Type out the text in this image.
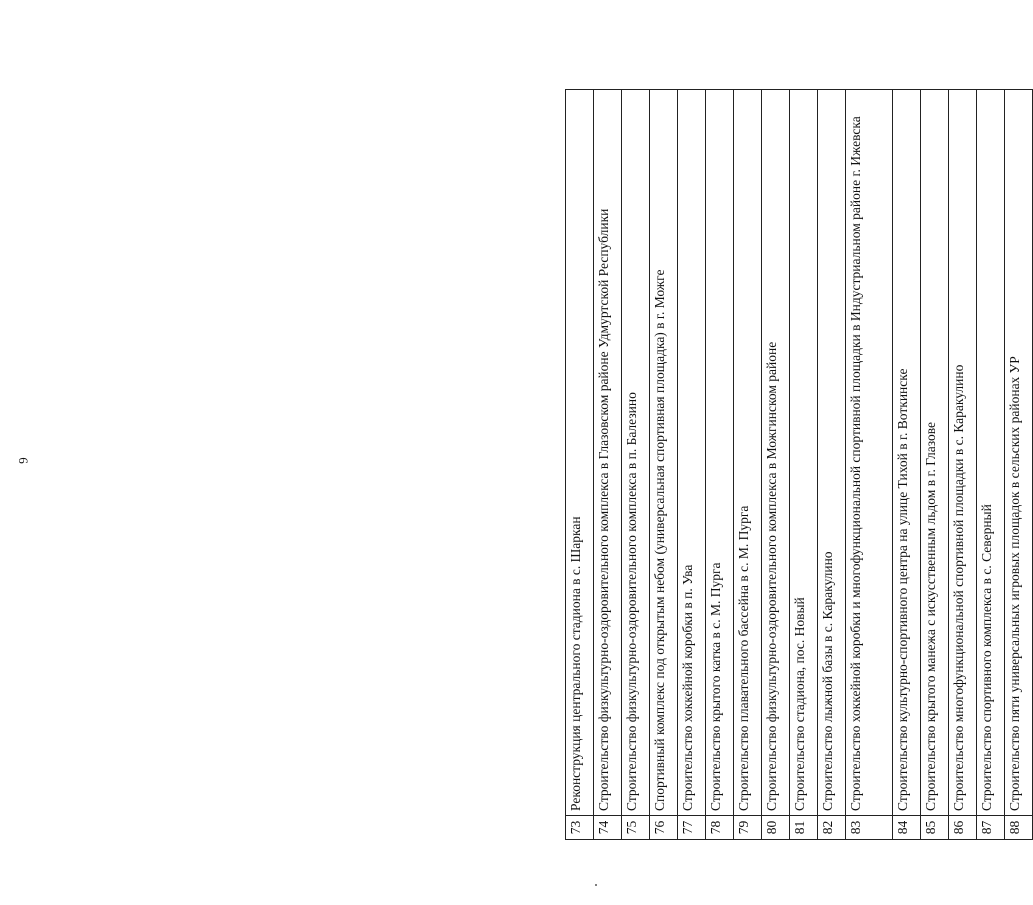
6
73	Реконструкция центрального стадиона в с. Шаркан
74	Строительство физкультурно-оздоровительного комплекса в Глазовском районе Удмуртской Республики
75	Строительство физкультурно-оздоровительного комплекса в п. Балезино
76	Спортивный комплекс под открытым небом (универсальная спортивная площадка) в г. Можге
77	Строительство хоккейной коробки в п. Ува
78	Строительство крытого катка в с. М. Пурга
79	Строительство плавательного бассейна в с. М. Пурга
80	Строительство физкультурно-оздоровительного комплекса в Можгинском районе
81	Строительство стадиона, пос. Новый
82	Строительство лыжной базы в с. Каракулино
83	Строительство хоккейной коробки и многофункциональной спортивной площадки в Индустриальном районе г. Ижевска
84	Строительство культурно-спортивного центра на улице Тихой в г. Воткинске
85	Строительство крытого манежа с искусственным льдом в г. Глазове
86	Строительство многофункциональной спортивной площадки в с. Каракулино
87	Строительство спортивного комплекса в с. Северный
88	Строительство пяти универсальных игровых площадок в сельских районах УР
